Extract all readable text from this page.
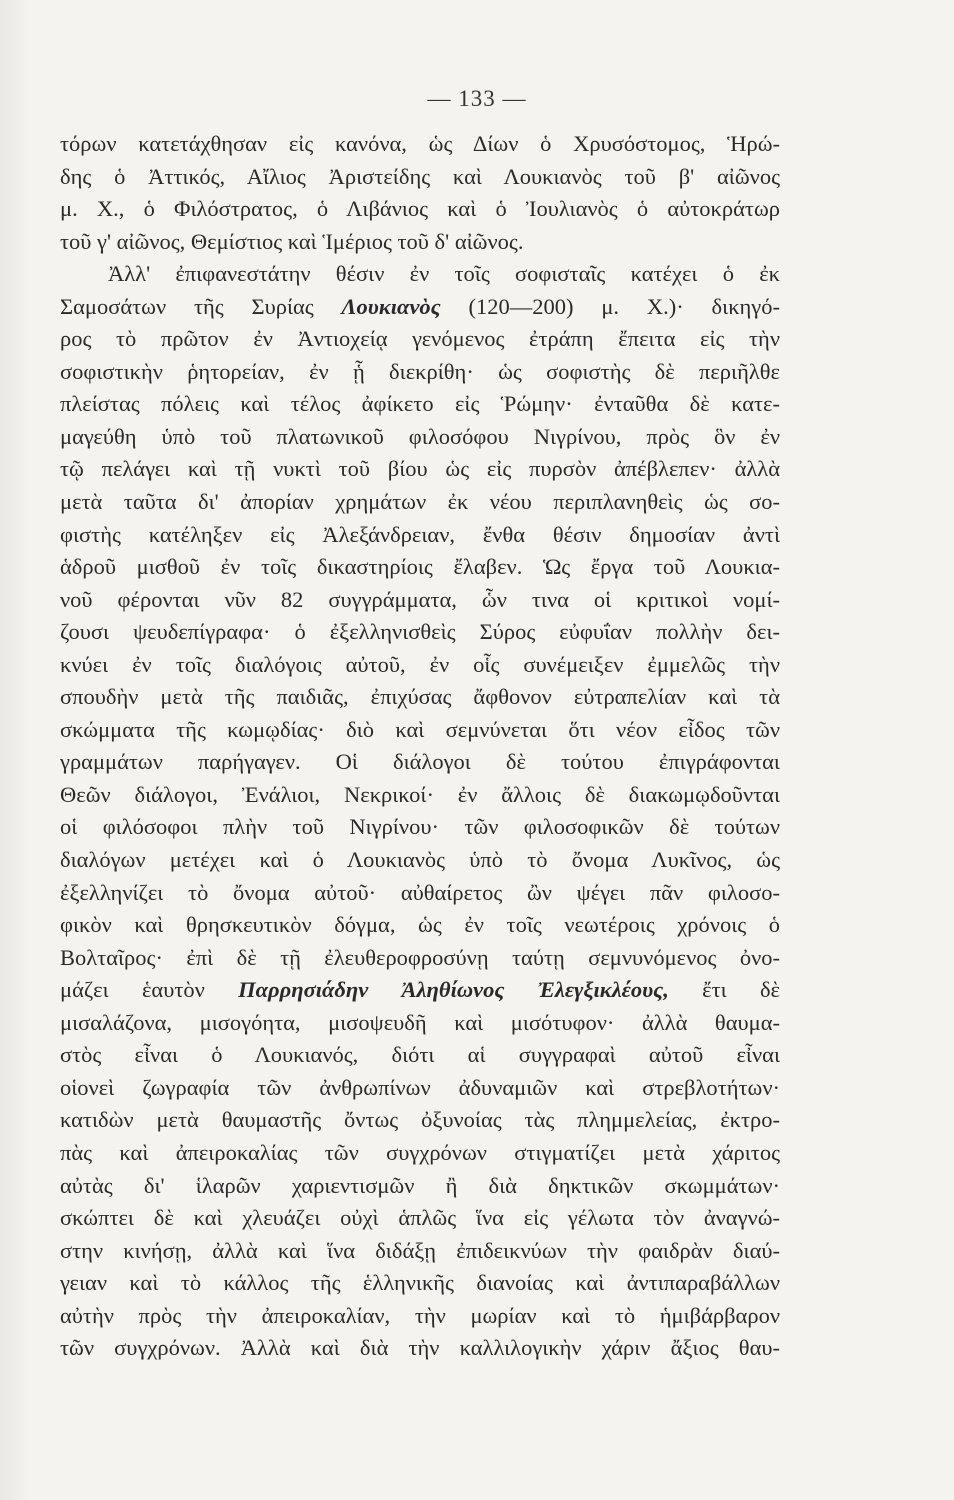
— 133 —
τόρων κατετάχθησαν εἰς κανόνα, ὡς Δίων ὁ Χρυσόστομος, Ἡρώ-
δης ὁ Ἀττικός, Αἴλιος Ἀριστείδης καὶ Λουκιανὸς τοῦ β' αἰῶνος
μ. Χ., ὁ Φιλόστρατος, ὁ Λιβάνιος καὶ ὁ Ἰουλιανὸς ὁ αὐτοκράτωρ
τοῦ γ' αἰῶνος, Θεμίστιος καὶ Ἱμέριος τοῦ δ' αἰῶνος.
Ἀλλ' ἐπιφανεστάτην θέσιν ἐν τοῖς σοφισταῖς κατέχει ὁ ἐκ
Σαμοσάτων τῆς Συρίας Λουκιανὸς (120—200) μ. Χ.)· δικηγό-
ρος τὸ πρῶτον ἐν Ἀντιοχείᾳ γενόμενος ἐτράπη ἔπειτα εἰς τὴν
σοφιστικὴν ῥητορείαν, ἐν ᾗ διεκρίθη· ὡς σοφιστὴς δὲ περιῆλθε
πλείστας πόλεις καὶ τέλος ἀφίκετο εἰς Ῥώμην· ἐνταῦθα δὲ κατε-
μαγεύθη ὑπὸ τοῦ πλατωνικοῦ φιλοσόφου Νιγρίνου, πρὸς ὃν ἐν
τῷ πελάγει καὶ τῇ νυκτὶ τοῦ βίου ὡς εἰς πυρσὸν ἀπέβλεπεν· ἀλλὰ
μετὰ ταῦτα δι' ἀπορίαν χρημάτων ἐκ νέου περιπλανηθεὶς ὡς σο-
φιστὴς κατέληξεν εἰς Ἀλεξάνδρειαν, ἔνθα θέσιν δημοσίαν ἀντὶ
ἁδροῦ μισθοῦ ἐν τοῖς δικαστηρίοις ἔλαβεν. Ὡς ἔργα τοῦ Λουκια-
νοῦ φέρονται νῦν 82 συγγράμματα, ὧν τινα οἱ κριτικοὶ νομί-
ζουσι ψευδεπίγραφα· ὁ ἐξελληνισθεὶς Σύρος εὐφυΐαν πολλὴν δει-
κνύει ἐν τοῖς διαλόγοις αὐτοῦ, ἐν οἷς συνέμειξεν ἐμμελῶς τὴν
σπουδὴν μετὰ τῆς παιδιᾶς, ἐπιχύσας ἄφθονον εὐτραπελίαν καὶ τὰ
σκώμματα τῆς κωμῳδίας· διὸ καὶ σεμνύνεται ὅτι νέον εἶδος τῶν
γραμμάτων παρήγαγεν. Οἱ διάλογοι δὲ τούτου ἐπιγράφονται
Θεῶν διάλογοι, Ἐνάλιοι, Νεκρικοί· ἐν ἄλλοις δὲ διακωμῳδοῦνται
οἱ φιλόσοφοι πλὴν τοῦ Νιγρίνου· τῶν φιλοσοφικῶν δὲ τούτων
διαλόγων μετέχει καὶ ὁ Λουκιανὸς ὑπὸ τὸ ὄνομα Λυκῖνος, ὡς
ἐξελληνίζει τὸ ὄνομα αὐτοῦ· αὐθαίρετος ὢν ψέγει πᾶν φιλοσο-
φικὸν καὶ θρησκευτικὸν δόγμα, ὡς ἐν τοῖς νεωτέροις χρόνοις ὁ
Βολταῖρος· ἐπὶ δὲ τῇ ἐλευθεροφροσύνῃ ταύτῃ σεμνυνόμενος ὀνο-
μάζει ἑαυτὸν Παρρησιάδην Ἀληθίωνος Ἐλεγξικλέους, ἔτι δὲ
μισαλάζονα, μισογόητα, μισοψευδῆ καὶ μισότυφον· ἀλλὰ θαυμα-
στὸς εἶναι ὁ Λουκιανός, διότι αἱ συγγραφαὶ αὐτοῦ εἶναι
οἱονεὶ ζωγραφία τῶν ἀνθρωπίνων ἀδυναμιῶν καὶ στρεβλοτήτων·
κατιδὼν μετὰ θαυμαστῆς ὄντως ὀξυνοίας τὰς πλημμελείας, ἐκτρο-
πὰς καὶ ἀπειροκαλίας τῶν συγχρόνων στιγματίζει μετὰ χάριτος
αὐτὰς δι' ἱλαρῶν χαριεντισμῶν ἢ διὰ δηκτικῶν σκωμμάτων·
σκώπτει δὲ καὶ χλευάζει οὐχὶ ἁπλῶς ἵνα εἰς γέλωτα τὸν ἀναγνώ-
στην κινήσῃ, ἀλλὰ καὶ ἵνα διδάξῃ ἐπιδεικνύων τὴν φαιδρὰν διαύ-
γειαν καὶ τὸ κάλλος τῆς ἑλληνικῆς διανοίας καὶ ἀντιπαραβάλλων
αὐτὴν πρὸς τὴν ἀπειροκαλίαν, τὴν μωρίαν καὶ τὸ ἡμιβάρβαρον
τῶν συγχρόνων. Ἀλλὰ καὶ διὰ τὴν καλλιλογικὴν χάριν ἄξιος θαυ-
